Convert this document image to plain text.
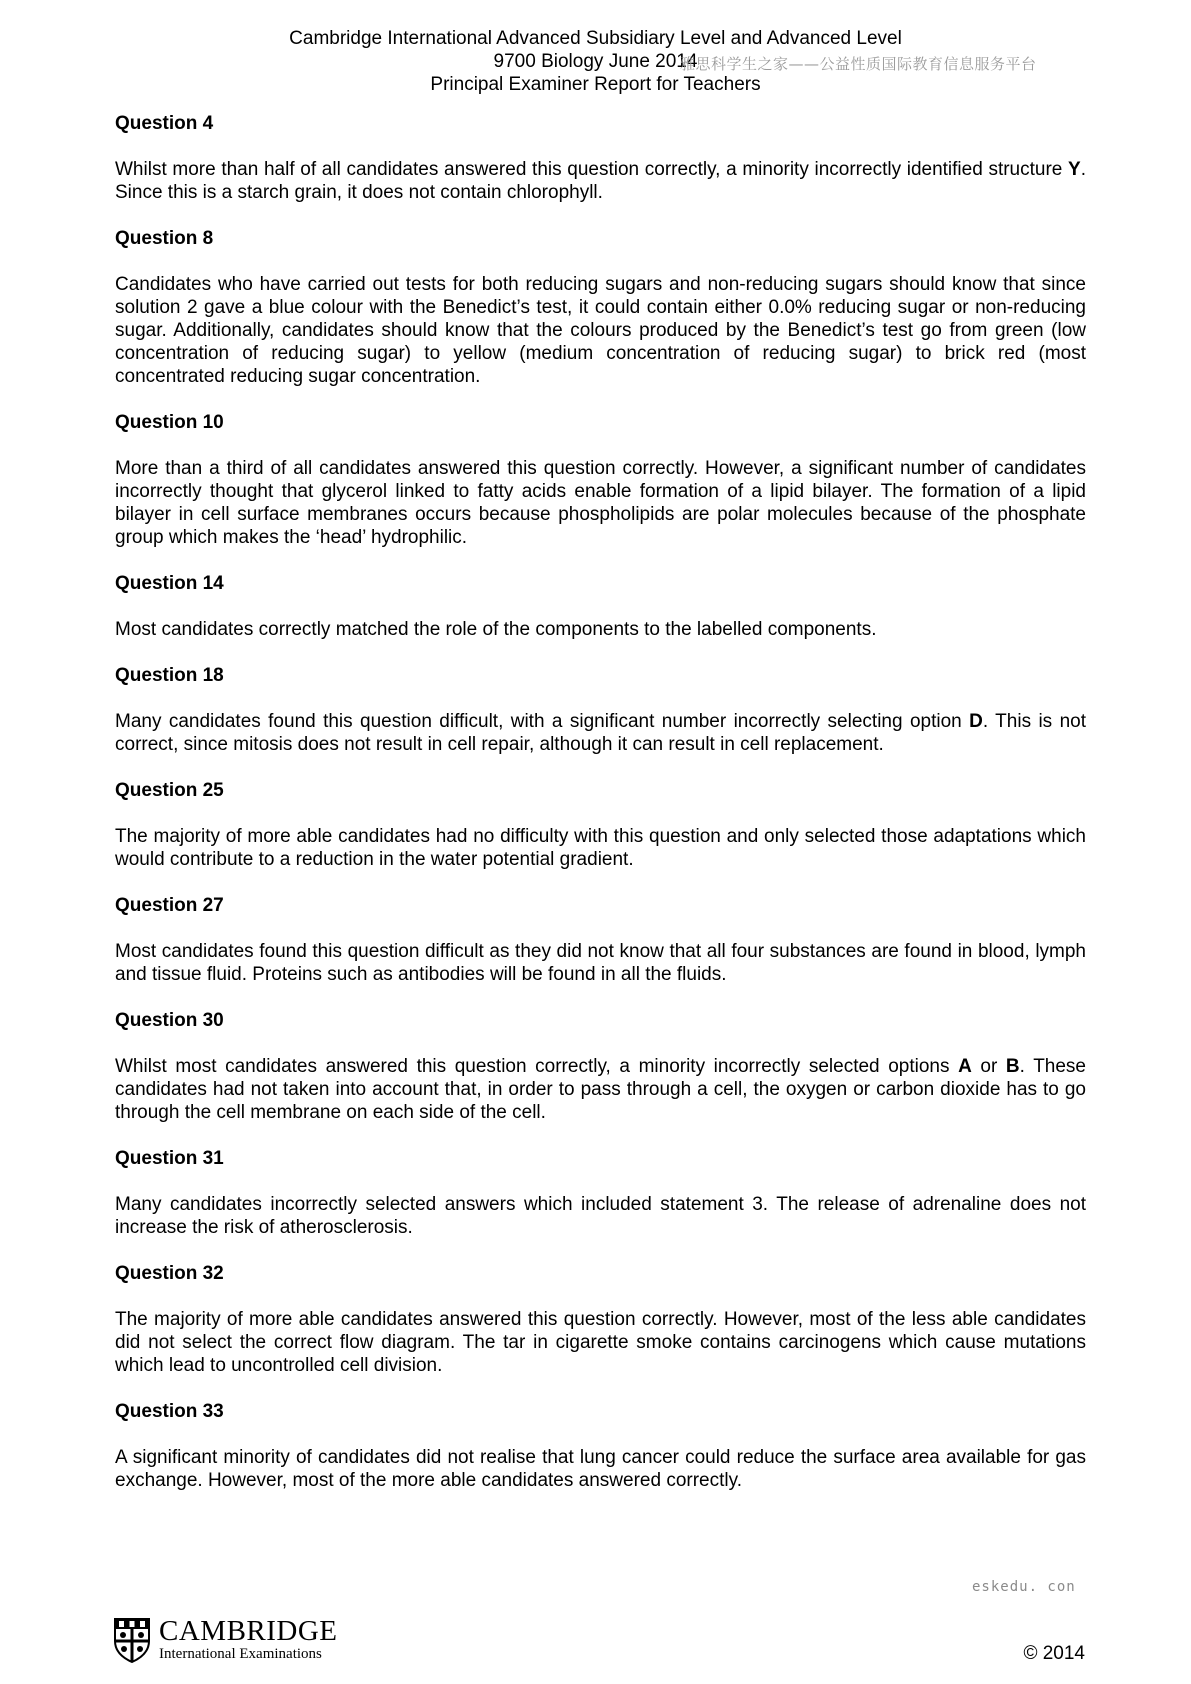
Cambridge International Advanced Subsidiary Level and Advanced Level
9700 Biology June 2014
Principal Examiner Report for Teachers
雅思科学生之家——公益性质国际教育信息服务平台
Question 4

Whilst more than half of all candidates answered this question correctly, a minority incorrectly identified structure Y. Since this is a starch grain, it does not contain chlorophyll.

Question 8

Candidates who have carried out tests for both reducing sugars and non-reducing sugars should know that since solution 2 gave a blue colour with the Benedict’s test, it could contain either 0.0% reducing sugar or non-reducing sugar. Additionally, candidates should know that the colours produced by the Benedict’s test go from green (low concentration of reducing sugar) to yellow (medium concentration of reducing sugar) to brick red (most concentrated reducing sugar concentration.

Question 10

More than a third of all candidates answered this question correctly. However, a significant number of candidates incorrectly thought that glycerol linked to fatty acids enable formation of a lipid bilayer. The formation of a lipid bilayer in cell surface membranes occurs because phospholipids are polar molecules because of the phosphate group which makes the ‘head’ hydrophilic.

Question 14

Most candidates correctly matched the role of the components to the labelled components.

Question 18

Many candidates found this question difficult, with a significant number incorrectly selecting option D. This is not correct, since mitosis does not result in cell repair, although it can result in cell replacement.

Question 25

The majority of more able candidates had no difficulty with this question and only selected those adaptations which would contribute to a reduction in the water potential gradient.

Question 27

Most candidates found this question difficult as they did not know that all four substances are found in blood, lymph and tissue fluid. Proteins such as antibodies will be found in all the fluids.

Question 30

Whilst most candidates answered this question correctly, a minority incorrectly selected options A or B. These candidates had not taken into account that, in order to pass through a cell, the oxygen or carbon dioxide has to go through the cell membrane on each side of the cell.

Question 31

Many candidates incorrectly selected answers which included statement 3. The release of adrenaline does not increase the risk of atherosclerosis.

Question 32

The majority of more able candidates answered this question correctly. However, most of the less able candidates did not select the correct flow diagram. The tar in cigarette smoke contains carcinogens which cause mutations which lead to uncontrolled cell division.

Question 33

A significant minority of candidates did not realise that lung cancer could reduce the surface area available for gas exchange. However, most of the more able candidates answered correctly.

eskedu. con
CAMBRIDGE
International Examinations	© 2014
